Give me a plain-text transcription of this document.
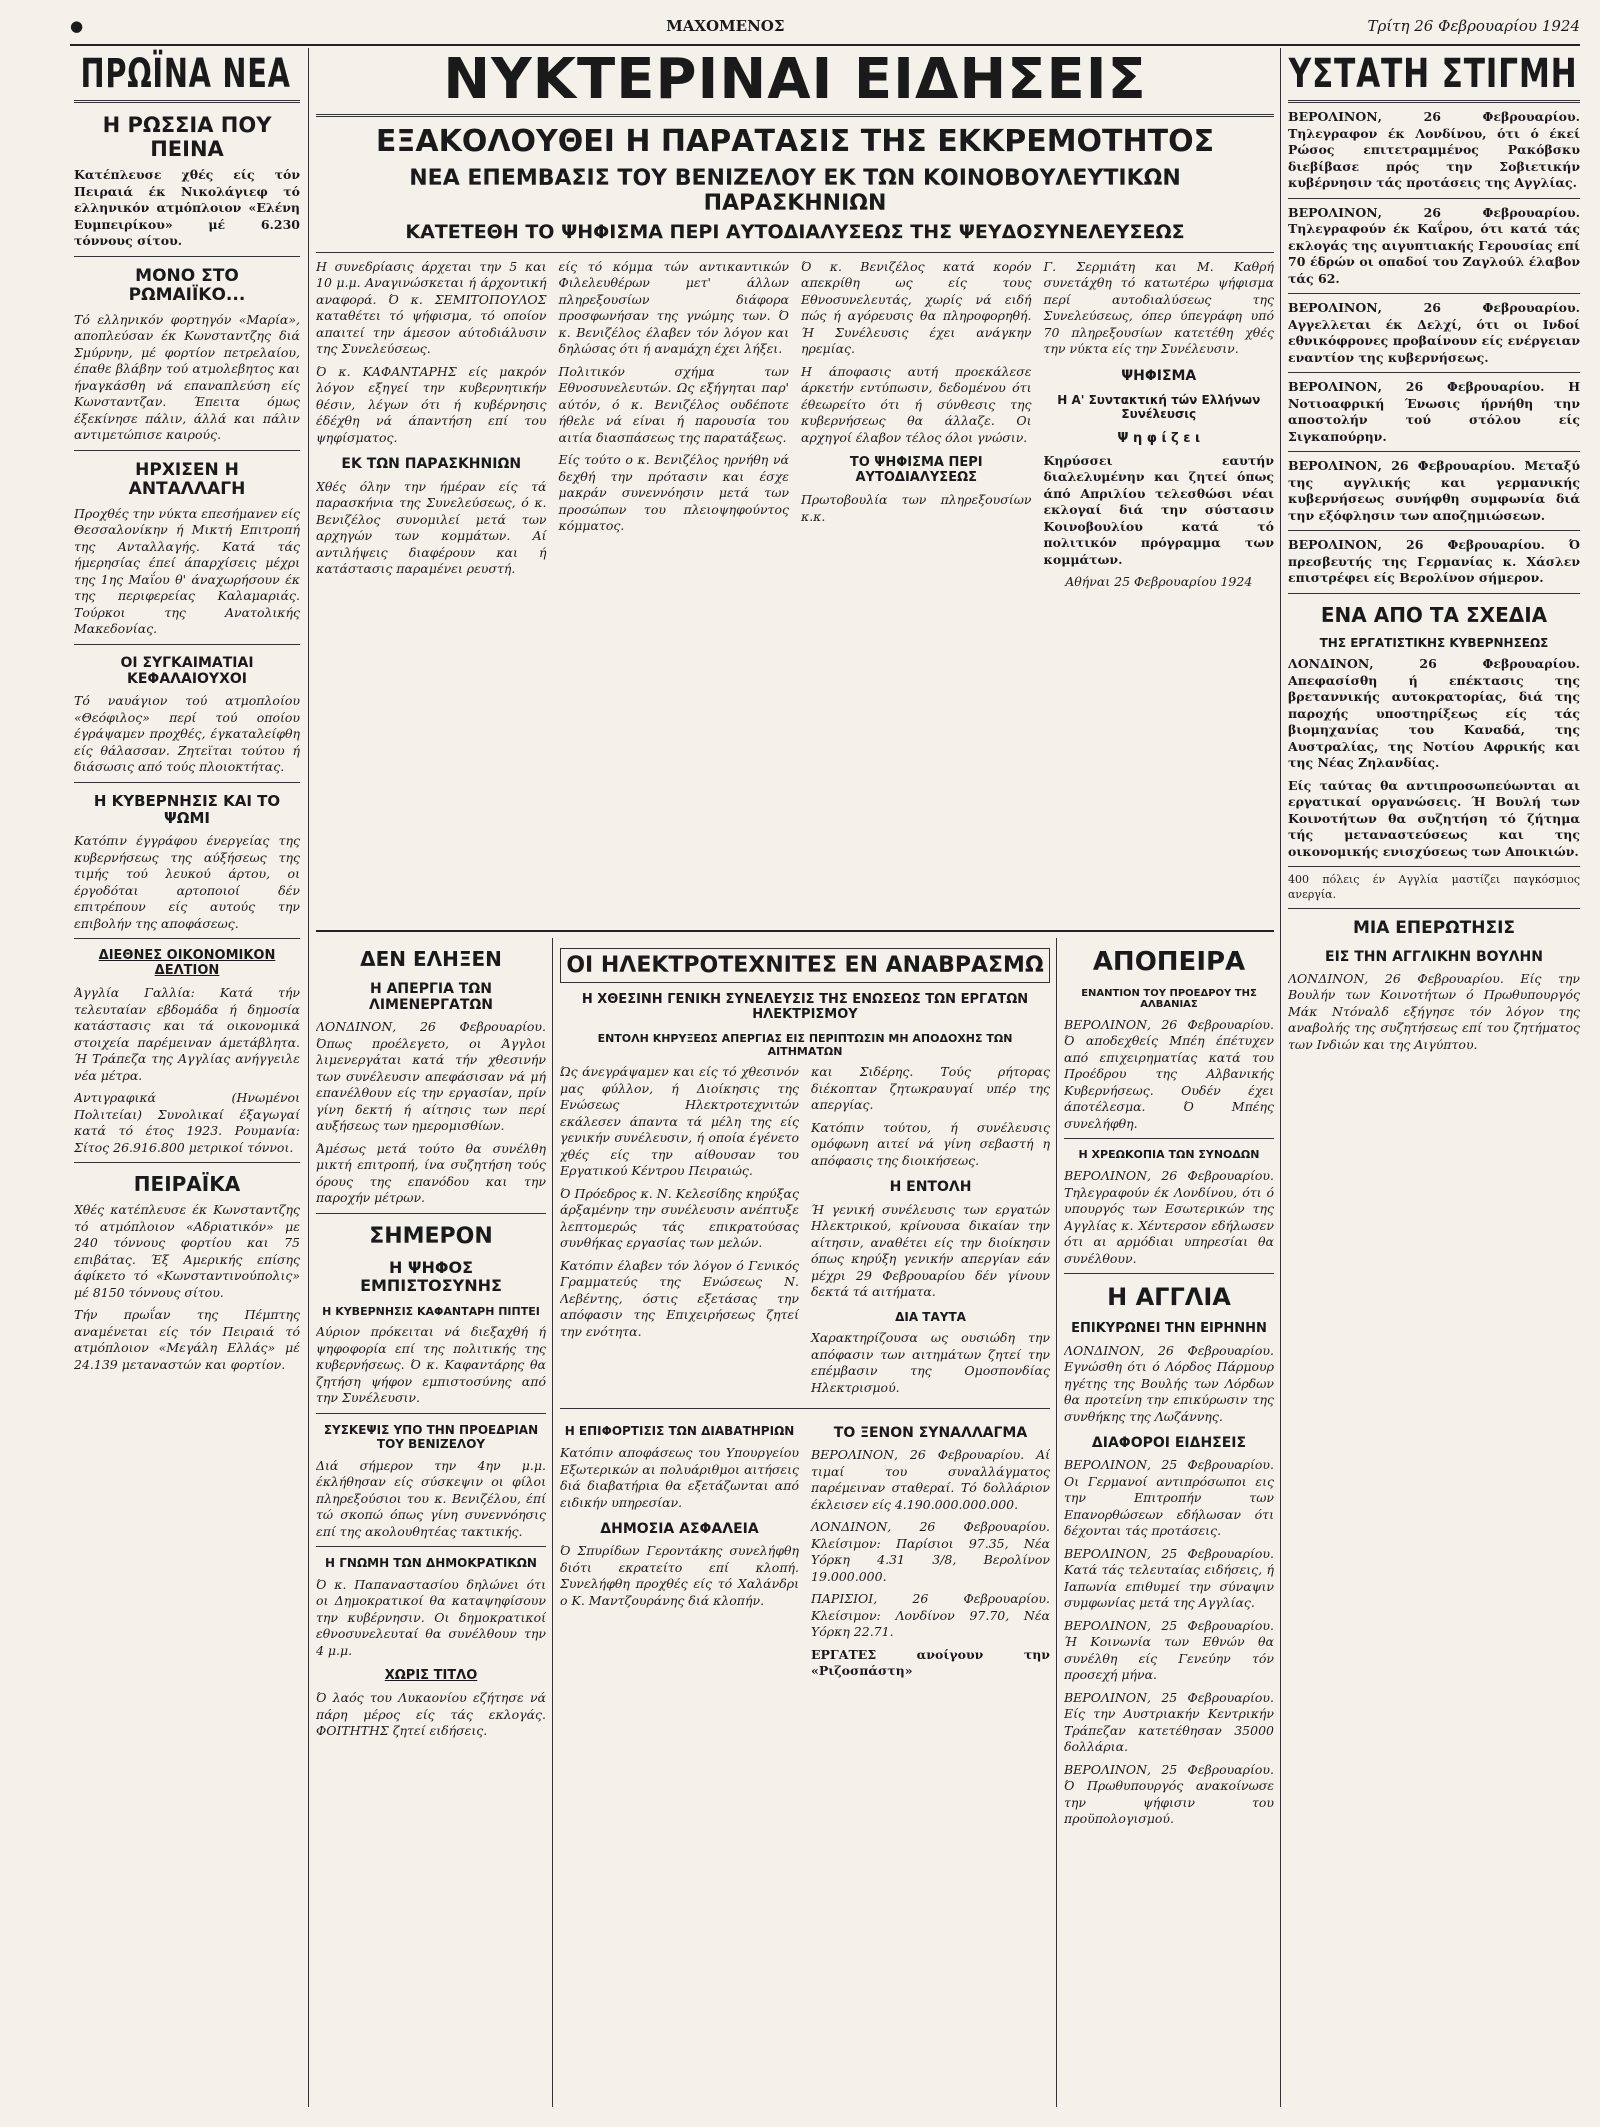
●	ΜΑΧΟΜΕΝΟΣ	Τρίτη 26 Φεβρουαρίου 1924
ΠΡΩΪΝΑ ΝΕΑ
Η ΡΩΣΣΙΑ ΠΟΥ ΠΕΙΝΑ

Κατέπλευσε χθές είς τόν Πειραιά έκ Νικολάγιεφ τό ελληνικόν ατμόπλοιον «Ελένη Ευμπειρίκου» μέ 6.230 τόννους σίτου.

ΜΟΝΟ ΣΤΟ ΡΩΜΑΙΪΚΟ...

Τό ελληνικόν φορτηγόν «Μαρία», αποπλεύσαν έκ Κωνσταντζης διά Σμύρνην, μέ φορτίον πετρελαίου, έπαθε βλάβην τού ατμολεβητος και ήναγκάσθη νά επαναπλεύση είς Κωνσταντζαν. Έπειτα όμως έξεκίνησε πάλιν, άλλά και πάλιν αντιμετώπισε καιρούς.

ΗΡΧΙΣΕΝ Η ΑΝΤΑΛΛΑΓΗ

Προχθές την νύκτα επεσήμανεν είς Θεσσαλονίκην ή Μικτή Επιτροπή της Ανταλλαγής. Κατά τάς ήμερησίας έπεί άπαρχίσεις μέχρι της 1ης Μαΐου θ' άναχωρήσουν έκ της περιφερείας Καλαμαριάς. Τούρκοι της Ανατολικής Μακεδονίας.

ΟΙ ΣΥΓΚΑΙΜΑΤΙΑΙ ΚΕΦΑΛΑΙΟΥΧΟΙ

Τό ναυάγιον τού ατμοπλοίου «Θεόφιλος» περί τού οποίου έγράψαμεν προχθές, έγκαταλείφθη είς θάλασσαν. Ζητεϊται τούτου ή διάσωσις από τούς πλοιοκτήτας.

Η ΚΥΒΕΡΝΗΣΙΣ ΚΑΙ ΤΟ ΨΩΜΙ

Κατόπιν έγγράφου ένεργείας της κυβερνήσεως της αύξήσεως της τιμής τού λευκού άρτου, οι έργοδόται αρτοποιοί δέν επιτρέπουν είς αυτούς την επιβολήν της αποφάσεως.

ΔΙΕΘΝΕΣ ΟΙΚΟΝΟΜΙΚΟΝ ΔΕΛΤΙΟΝ

Άγγλία Γαλλία: Κατά τήν τελευταίαν εβδομάδα ή δημοσία κατάστασις και τά οικονομικά στοιχεία παρέμειναν άμετάβλητα. Ή Τράπεζα της Αγγλίας ανήγγειλε νέα μέτρα.

Αντιγραφικά (Ηνωμένοι Πολιτείαι) Συνολικαί έξαγωγαί κατά τό έτος 1923. Ρουμανία: Σίτος 26.916.800 μετρικοί τόννοι.

ΠΕΙΡΑΪΚΑ

Χθές κατέπλευσε έκ Κωνσταντζης τό ατμόπλοιον «Αδριατικόν» με 240 τόννους φορτίου και 75 επιβάτας. Έξ Αμερικής επίσης άφίκετο τό «Κωνσταντινούπολις» μέ 8150 τόννους σίτου.

Τήν πρωΐαν της Πέμπτης αναμένεται είς τόν Πειραιά τό ατμόπλοιον «Μεγάλη Ελλάς» μέ 24.139 μεταναστών και φορτίον.

ΝΥΚΤΕΡΙΝΑΙ ΕΙΔΗΣΕΙΣ
ΕΞΑΚΟΛΟΥΘΕΙ Η ΠΑΡΑΤΑΣΙΣ ΤΗΣ ΕΚΚΡΕΜΟΤΗΤΟΣ
ΝΕΑ ΕΠΕΜΒΑΣΙΣ ΤΟΥ ΒΕΝΙΖΕΛΟΥ ΕΚ ΤΩΝ ΚΟΙΝΟΒΟΥΛΕΥΤΙΚΩΝ ΠΑΡΑΣΚΗΝΙΩΝ
ΚΑΤΕΤΕΘΗ ΤΟ ΨΗΦΙΣΜΑ ΠΕΡΙ ΑΥΤΟΔΙΑΛΥΣΕΩΣ ΤΗΣ ΨΕΥΔΟΣΥΝΕΛΕΥΣΕΩΣ

Η συνεδρίασις άρχεται την 5 και 10 μ.μ. Αναγινώσκεται ή άρχοντική αναφορά. Ό κ. ΣΕΜΙΤΟΠΟΥΛΟΣ καταθέτει τό ψήφισμα, τό οποίον απαιτεί την άμεσον αύτοδιάλυσιν της Συνελεύσεως.

Ό κ. ΚΑΦΑΝΤΑΡΗΣ είς μακρόν λόγον εξηγεί την κυβερνητικήν θέσιν, λέγων ότι ή κυβέρνησις έδέχθη νά άπαντήση επί του ψηφίσματος.

ΕΚ ΤΩΝ ΠΑΡΑΣΚΗΝΙΩΝ

Χθές όλην την ήμέραν είς τά παρασκήνια της Συνελεύσεως, ό κ. Βενιζέλος συνομιλεί μετά των αρχηγών των κομμάτων. Αί αντιλήψεις διαφέρουν και ή κατάστασις παραμένει ρευστή.

είς τό κόμμα τών αντικαντικών Φιλελευθέρων μετ' άλλων πληρεξουσίων διάφορα προσφωνήσαν της γνώμης των. Ό κ. Βενιζέλος έλαβεν τόν λόγον και δηλώσας ότι ή αναμάχη έχει λήξει.

Πολιτικόν σχήμα των Εθνοσυνελευτών. Ως εξήγηται παρ' αύτόν, ό κ. Βενιζέλος ουδέποτε ήθελε νά είναι ή παρουσία του αιτία διασπάσεως της παρατάξεως.

Είς τούτο ο κ. Βενιζέλος ηρνήθη νά δεχθή την πρότασιν και έσχε μακράν συνεννόησιν μετά των προσώπων του πλειοψηφούντος κόμματος.

Ό κ. Βενιζέλος κατά κορόν απεκρίθη ως είς τους Εθνοσυνελευτάς, χωρίς νά ειδή πώς ή αγόρευσις θα πληροφορηθή. Ή Συνέλευσις έχει ανάγκην ηρεμίας.

Η άποφασις αυτή προεκάλεσε άρκετήν εντύπωσιν, δεδομένου ότι έθεωρείτο ότι ή σύνθεσις της κυβερνήσεως θα άλλαζε. Οι αρχηγοί έλαβον τέλος όλοι γνώσιν.

ΤΟ ΨΗΦΙΣΜΑ ΠΕΡΙ ΑΥΤΟΔΙΑΛΥΣΕΩΣ

Πρωτοβουλία των πληρεξουσίων κ.κ.

Γ. Σερμιάτη και Μ. Καθρή συνετάχθη τό κατωτέρω ψήφισμα περί αυτοδιαλύσεως της Συνελεύσεως, όπερ ύπεγράφη υπό 70 πληρεξουσίων κατετέθη χθές την νύκτα είς την Συνέλευσιν.

ΨΗΦΙΣΜΑ
Η Α' Συντακτική τών Ελλήνων Συνέλευσις
Ψ η φ ί ζ ε ι

Κηρύσσει εαυτήν διαλελυμένην και ζητεί όπως άπό Απριλίου τελεσθώσι νέαι εκλογαί διά την σύστασιν Κοινοβουλίου κατά τό πολιτικόν πρόγραμμα των κομμάτων.

Αθήναι 25 Φεβρουαρίου 1924

ΔΕΝ ΕΛΗΞΕΝ
Η ΑΠΕΡΓΙΑ ΤΩΝ ΛΙΜΕΝΕΡΓΑΤΩΝ

ΛΟΝΔΙΝΟΝ, 26 Φεβρουαρίου. Όπως προέλεγετο, οι Άγγλοι λιμενεργάται κατά τήν χθεσινήν των συνέλευσιν απεφάσισαν νά μή επανέλθουν είς την εργασίαν, πρίν γίνη δεκτή ή αίτησις των περί αυξήσεως των ημερομισθίων.

Άμέσως μετά τούτο θα συνέλθη μικτή επιτροπή, ίνα συζητήση τούς όρους της επανόδου και την παροχήν μέτρων.

ΣΗΜΕΡΟΝ
Η ΨΗΦΟΣ ΕΜΠΙΣΤΟΣΥΝΗΣ
Η ΚΥΒΕΡΝΗΣΙΣ ΚΑΦΑΝΤΑΡΗ ΠΙΠΤΕΙ

Αύριον πρόκειται νά διεξαχθή ή ψηφοφορία επί της πολιτικής της κυβερνήσεως. Ό κ. Καφαντάρης θα ζητήση ψήφον εμπιστοσύνης από την Συνέλευσιν.

ΣΥΣΚΕΨΙΣ ΥΠΟ ΤΗΝ ΠΡΟΕΔΡΙΑΝ ΤΟΥ ΒΕΝΙΖΕΛΟΥ

Διά σήμερον την 4ην μ.μ. έκλήθησαν είς σύσκεψιν οι φίλοι πληρεξούσιοι του κ. Βενιζέλου, έπί τώ σκοπώ όπως γίνη συνεννόησις επί της ακολουθητέας τακτικής.

Η ΓΝΩΜΗ ΤΩΝ ΔΗΜΟΚΡΑΤΙΚΩΝ

Ό κ. Παπαναστασίου δηλώνει ότι οι Δημοκρατικοί θα καταψηφίσουν την κυβέρνησιν. Οι δημοκρατικοί εθνοσυνελευταί θα συνέλθουν την 4 μ.μ.

ΧΩΡΙΣ ΤΙΤΛΟ

Ό λαός του Λυκαονίου εζήτησε νά πάρη μέρος είς τάς εκλογάς. ΦΟΙΤΗΤΗΣ ζητεί ειδήσεις.

ΟΙ ΗΛΕΚΤΡΟΤΕΧΝΙΤΕΣ ΕΝ ΑΝΑΒΡΑΣΜΩ
Η ΧΘΕΣΙΝΗ ΓΕΝΙΚΗ ΣΥΝΕΛΕΥΣΙΣ ΤΗΣ ΕΝΩΣΕΩΣ ΤΩΝ ΕΡΓΑΤΩΝ ΗΛΕΚΤΡΙΣΜΟΥ
ΕΝΤΟΛΗ ΚΗΡΥΞΕΩΣ ΑΠΕΡΓΙΑΣ ΕΙΣ ΠΕΡΙΠΤΩΣΙΝ ΜΗ ΑΠΟΔΟΧΗΣ ΤΩΝ ΑΙΤΗΜΑΤΩΝ

Ώς άνεγράψαμεν και είς τό χθεσινόν μας φύλλον, ή Διοίκησις της Ενώσεως Ηλεκτροτεχνιτών εκάλεσεν άπαντα τά μέλη της είς γενικήν συνέλευσιν, ή οποία έγένετο χθές είς την αίθουσαν του Εργατικού Κέντρου Πειραιώς.

Ό Πρόεδρος κ. Ν. Κελεσίδης κηρύξας άρξαμένην την συνέλευσιν ανέπτυξε λεπτομερώς τάς επικρατούσας συνθήκας εργασίας των μελών.

Κατόπιν έλαβεν τόν λόγον ό Γενικός Γραμματεύς της Ενώσεως Ν. Λεβέντης, όστις εξετάσας την απόφασιν της Επιχειρήσεως ζητεί την ενότητα.

και Σιδέρης. Τούς ρήτορας διέκοπταν ζητωκραυγαί υπέρ της απεργίας.

Κατόπιν τούτου, ή συνέλευσις ομόφωνη αιτεί νά γίνη σεβαστή η απόφασις της διοικήσεως.

Η ΕΝΤΟΛΗ

Ή γενική συνέλευσις των εργατών Ηλεκτρικού, κρίνουσα δικαίαν την αίτησιν, αναθέτει είς την διοίκησιν όπως κηρύξη γενικήν απεργίαν εάν μέχρι 29 Φεβρουαρίου δέν γίνουν δεκτά τά αιτήματα.

ΔΙΑ ΤΑΥΤΑ

Χαρακτηρίζουσα ως ουσιώδη την απόφασιν των αιτημάτων ζητεί την επέμβασιν της Ομοσπονδίας Ηλεκτρισμού.

Η ΕΠΙΦΟΡΤΙΣΙΣ ΤΩΝ ΔΙΑΒΑΤΗΡΙΩΝ

Κατόπιν αποφάσεως του Υπουργείου Εξωτερικών αι πολυάριθμοι αιτήσεις διά διαβατήρια θα εξετάζωνται από ειδικήν υπηρεσίαν.

ΔΗΜΟΣΙΑ ΑΣΦΑΛΕΙΑ

Ό Σπυρίδων Γεροντάκης συνελήφθη διότι εκρατείτο επί κλοπή. Συνελήφθη προχθές είς τό Χαλάνδρι ο Κ. Μαντζουράνης διά κλοπήν.

ΤΟ ΞΕΝΟΝ ΣΥΝΑΛΛΑΓΜΑ

ΒΕΡΟΛΙΝΟΝ, 26 Φεβρουαρίου. Αί τιμαί του συναλλάγματος παρέμειναν σταθεραί. Τό δολλάριον έκλεισεν είς 4.190.000.000.000.

ΛΟΝΔΙΝΟΝ, 26 Φεβρουαρίου. Κλείσιμον: Παρίσιοι 97.35, Νέα Υόρκη 4.31 3/8, Βερολίνον 19.000.000.

ΠΑΡΙΣΙΟΙ, 26 Φεβρουαρίου. Κλείσιμον: Λονδίνον 97.70, Νέα Υόρκη 22.71.

ΕΡΓΑΤΕΣ ανοίγουν την «Ριζοσπάστη»

ΑΠΟΠΕΙΡΑ
ΕΝΑΝΤΙΟΝ ΤΟΥ ΠΡΟΕΔΡΟΥ ΤΗΣ ΑΛΒΑΝΙΑΣ

ΒΕΡΟΛΙΝΟΝ, 26 Φεβρουαρίου. Ό αποδεχθείς Μπέη έπέτυχεν από επιχειρηματίας κατά του Προέδρου της Αλβανικής Κυβερνήσεως. Ουδέν έχει άποτέλεσμα. Ό Μπέης συνελήφθη.

Η ΧΡΕΩΚΟΠΙΑ ΤΩΝ ΣΥΝΟΔΩΝ

ΒΕΡΟΛΙΝΟΝ, 26 Φεβρουαρίου. Τηλεγραφούν έκ Λονδίνου, ότι ό υπουργός των Εσωτερικών της Αγγλίας κ. Χέντερσον εδήλωσεν ότι αι αρμόδιαι υπηρεσίαι θα συνέλθουν.

Η ΑΓΓΛΙΑ
ΕΠΙΚΥΡΩΝΕΙ ΤΗΝ ΕΙΡΗΝΗΝ

ΛΟΝΔΙΝΟΝ, 26 Φεβρουαρίου. Εγνώσθη ότι ό Λόρδος Πάρμουρ ηγέτης της Βουλής των Λόρδων θα προτείνη την επικύρωσιν της συνθήκης της Λωζάννης.

ΔΙΑΦΟΡΟΙ ΕΙΔΗΣΕΙΣ

ΒΕΡΟΛΙΝΟΝ, 25 Φεβρουαρίου. Οι Γερμανοί αντιπρόσωποι εις την Επιτροπήν των Επανορθώσεων εδήλωσαν ότι δέχονται τάς προτάσεις.

ΒΕΡΟΛΙΝΟΝ, 25 Φεβρουαρίου. Κατά τάς τελευταίας ειδήσεις, ή Ιαπωνία επιθυμεί την σύναψιν συμφωνίας μετά της Αγγλίας.

ΒΕΡΟΛΙΝΟΝ, 25 Φεβρουαρίου. Ή Κοινωνία των Εθνών θα συνέλθη είς Γενεύην τόν προσεχή μήνα.

ΒΕΡΟΛΙΝΟΝ, 25 Φεβρουαρίου. Είς την Αυστριακήν Κεντρικήν Τράπεζαν κατετέθησαν 35000 δολλάρια.

ΒΕΡΟΛΙΝΟΝ, 25 Φεβρουαρίου. Ό Πρωθυπουργός ανακοίνωσε την ψήφισιν του προϋπολογισμού.

ΥΣΤΑΤΗ ΣΤΙΓΜΗ

ΒΕΡΟΛΙΝΟΝ, 26 Φεβρουαρίου. Τηλεγραφον έκ Λονδίνου, ότι ό έκεί Ρώσος επιτετραμμένος Ρακόβσκυ διεβίβασε πρός την Σοβιετικήν κυβέρνησιν τάς προτάσεις της Αγγλίας.

ΒΕΡΟΛΙΝΟΝ, 26 Φεβρουαρίου. Τηλεγραφούν έκ Καΐρου, ότι κατά τάς εκλογάς της αιγυπτιακής Γερουσίας επί 70 έδρών οι οπαδοί του Ζαγλούλ έλαβον τάς 62.

ΒΕΡΟΛΙΝΟΝ, 26 Φεβρουαρίου. Αγγελλεται έκ Δελχί, ότι οι Ινδοί εθνικόφρονες προβαίνουν είς ενέργειαν εναντίον της κυβερνήσεως.

ΒΕΡΟΛΙΝΟΝ, 26 Φεβρουαρίου. Η Νοτιοαφρική Ένωσις ήρνήθη την αποστολήν τού στόλου είς Σιγκαπούρην.

ΒΕΡΟΛΙΝΟΝ, 26 Φεβρουαρίου. Μεταξύ της αγγλικής και γερμανικής κυβερνήσεως συνήφθη συμφωνία διά την εξόφλησιν των αποζημιώσεων.

ΒΕΡΟΛΙΝΟΝ, 26 Φεβρουαρίου. Ό πρεσβευτής της Γερμανίας κ. Χάσλεν επιστρέφει είς Βερολίνον σήμερον.

ΕΝΑ ΑΠΟ ΤΑ ΣΧΕΔΙΑ
ΤΗΣ ΕΡΓΑΤΙΣΤΙΚΗΣ ΚΥΒΕΡΝΗΣΕΩΣ

ΛΟΝΔΙΝΟΝ, 26 Φεβρουαρίου. Απεφασίσθη ή επέκτασις της βρεταννικής αυτοκρατορίας, διά της παροχής υποστηρίξεως είς τάς βιομηχανίας του Καναδά, της Αυστραλίας, της Νοτίου Αφρικής και της Νέας Ζηλανδίας.

Είς ταύτας θα αντιπροσωπεύωνται αι εργατικαί οργανώσεις. Ή Βουλή των Κοινοτήτων θα συζητήση τό ζήτημα τής μεταναστεύσεως και της οικονομικής ενισχύσεως των Αποικιών.

400 πόλεις έν Αγγλία μαστίζει παγκόσμιος ανεργία.

ΜΙΑ ΕΠΕΡΩΤΗΣΙΣ
ΕΙΣ ΤΗΝ ΑΓΓΛΙΚΗΝ ΒΟΥΛΗΝ

ΛΟΝΔΙΝΟΝ, 26 Φεβρουαρίου. Είς την Βουλήν των Κοινοτήτων ό Πρωθυπουργός Μάκ Ντόναλδ εξήγησε τόν λόγον της αναβολής της συζητήσεως επί του ζητήματος των Ινδιών και της Αιγύπτου.
